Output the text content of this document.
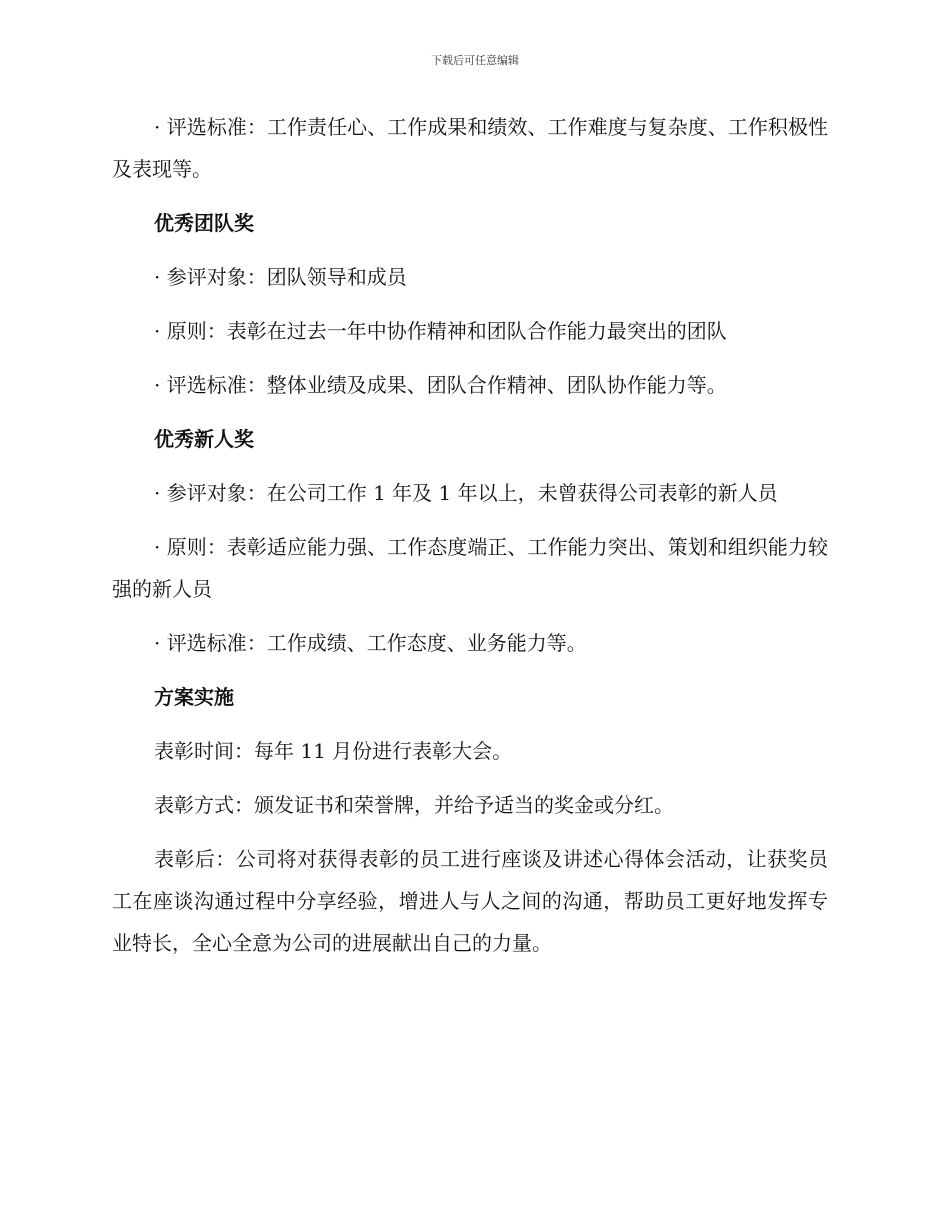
下载后可任意编辑

· 评选标准：工作责任心、工作成果和绩效、工作难度与复杂度、工作积极性及表现等。

优秀团队奖

· 参评对象：团队领导和成员

· 原则：表彰在过去一年中协作精神和团队合作能力最突出的团队

· 评选标准：整体业绩及成果、团队合作精神、团队协作能力等。

优秀新人奖

· 参评对象：在公司工作 1 年及 1 年以上，未曾获得公司表彰的新人员

· 原则：表彰适应能力强、工作态度端正、工作能力突出、策划和组织能力较强的新人员

· 评选标准：工作成绩、工作态度、业务能力等。

方案实施

表彰时间：每年 11 月份进行表彰大会。

表彰方式：颁发证书和荣誉牌，并给予适当的奖金或分红。

表彰后：公司将对获得表彰的员工进行座谈及讲述心得体会活动，让获奖员工在座谈沟通过程中分享经验，增进人与人之间的沟通，帮助员工更好地发挥专业特长，全心全意为公司的进展献出自己的力量。
